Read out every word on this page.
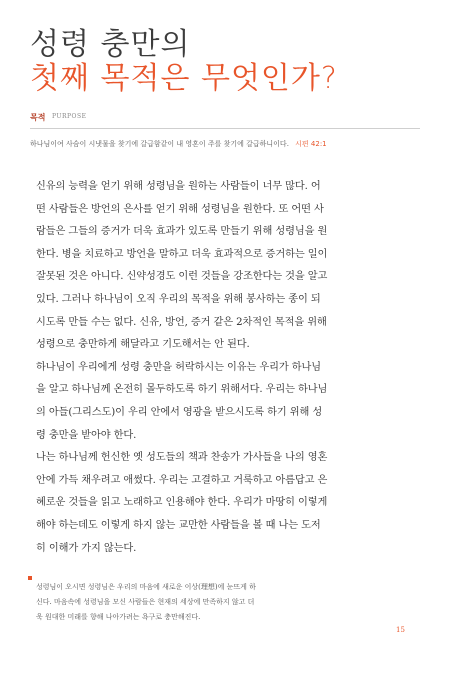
성령 충만의
첫째 목적은 무엇인가?
목적 PURPOSE
하나님이여 사슴이 시냇물을 찾기에 갈급함같이 내 영혼이 주를 찾기에 갈급하니이다. 시편 42:1
신유의 능력을 얻기 위해 성령님을 원하는 사람들이 너무 많다. 어
떤 사람들은 방언의 은사를 얻기 위해 성령님을 원한다. 또 어떤 사
람들은 그들의 증거가 더욱 효과가 있도록 만들기 위해 성령님을 원
한다. 병을 치료하고 방언을 말하고 더욱 효과적으로 증거하는 일이
잘못된 것은 아니다. 신약성경도 이런 것들을 강조한다는 것을 알고
있다. 그러나 하나님이 오직 우리의 목적을 위해 봉사하는 종이 되
시도록 만들 수는 없다. 신유, 방언, 증거 같은 2차적인 목적을 위해
성령으로 충만하게 해달라고 기도해서는 안 된다.
하나님이 우리에게 성령 충만을 허락하시는 이유는 우리가 하나님
을 알고 하나님께 온전히 몰두하도록 하기 위해서다. 우리는 하나님
의 아들(그리스도)이 우리 안에서 영광을 받으시도록 하기 위해 성
령 충만을 받아야 한다.
나는 하나님께 헌신한 옛 성도들의 책과 찬송가 가사들을 나의 영혼
안에 가득 채우려고 애썼다. 우리는 고결하고 거룩하고 아름답고 은
혜로운 것들을 읽고 노래하고 인용해야 한다. 우리가 마땅히 이렇게
해야 하는데도 이렇게 하지 않는 교만한 사람들을 볼 때 나는 도저
히 이해가 가지 않는다.
성령님이 오시면 성령님은 우리의 마음에 새로운 이상(理想)에 눈뜨게 하
신다. 마음속에 성령님을 모신 사람들은 현재의 세상에 만족하지 않고 더
욱 원대한 미래를 향해 나아가려는 욕구로 충만해진다.
15
